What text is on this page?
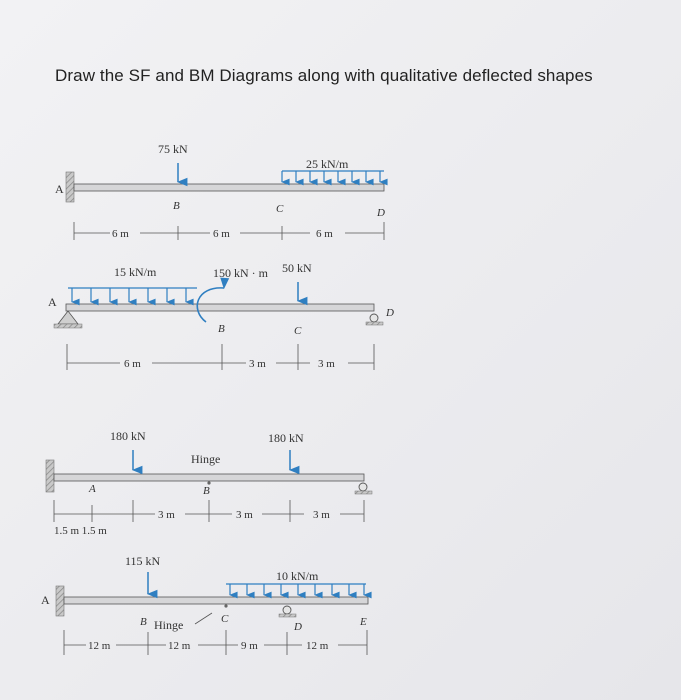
Draw the SF and BM Diagrams along with qualitative deflected shapes
A
75 kN
B
25 kN/m
C	D
6 m	6 m	6 m
A
D
15 kN/m	150 kN · m
B
50 kN
C
6 m	3 m	3 m
180 kN
Hinge
B
180 kN
A
3 m	3 m	3 m
1.5 m 1.5 m
A
115 kN
B Hinge	C
10 kN/m
D	E
12 m	12 m	9 m	12 m
